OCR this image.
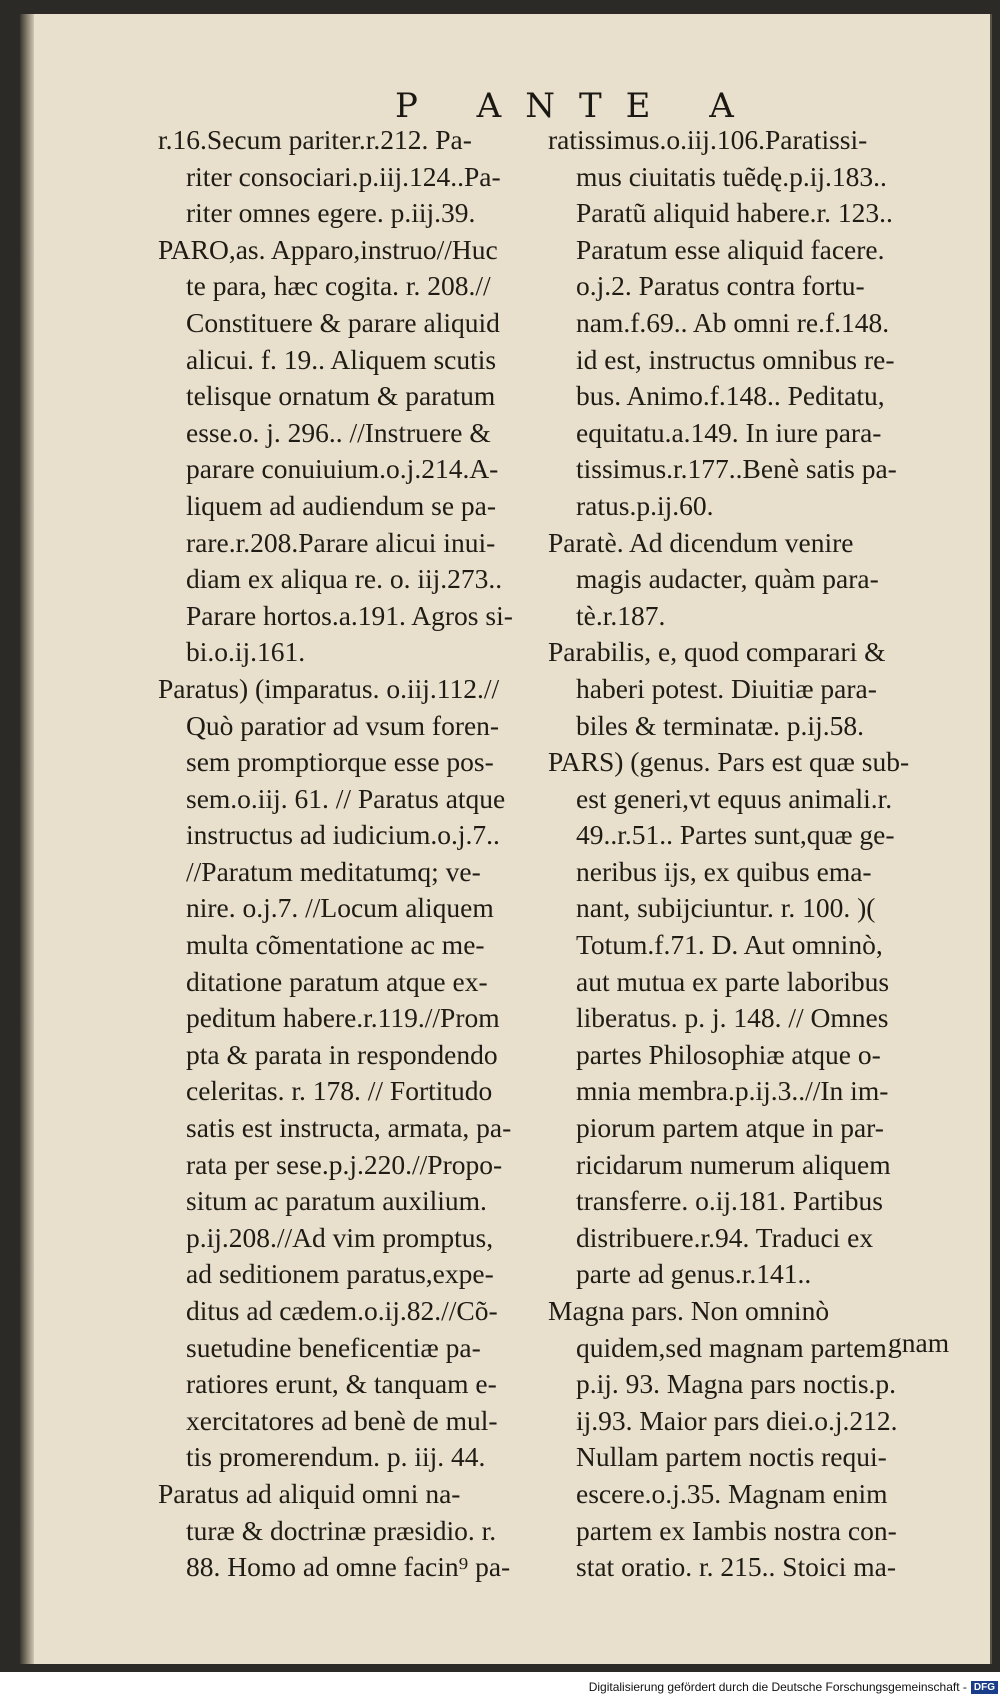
P ANTE A
r.16.Secum pariter.r.212. Pa-
riter consociari.p.iij.124..Pa-
riter omnes egere. p.iij.39.
PARO,as. Apparo,instruo//Huc
te para, hæc cogita. r. 208.//
Constituere & parare aliquid
alicui. f. 19.. Aliquem scutis
telisque ornatum & paratum
esse.o. j. 296.. //Instruere &
parare conuiuium.o.j.214.A-
liquem ad audiendum se pa-
rare.r.208.Parare alicui inui-
diam ex aliqua re. o. iij.273..
Parare hortos.a.191. Agros si-
bi.o.ij.161.
Paratus) (imparatus. o.iij.112.//
Quò paratior ad vsum foren-
sem promptiorque esse pos-
sem.o.iij. 61. // Paratus atque
instructus ad iudicium.o.j.7..
//Paratum meditatumq; ve-
nire. o.j.7. //Locum aliquem
multa cõmentatione ac me-
ditatione paratum atque ex-
peditum habere.r.119.//Prom
pta & parata in respondendo
celeritas. r. 178. // Fortitudo
satis est instructa, armata, pa-
rata per sese.p.j.220.//Propo-
situm ac paratum auxilium.
p.ij.208.//Ad vim promptus,
ad seditionem paratus,expe-
ditus ad cædem.o.ij.82.//Cõ-
suetudine beneficentiæ pa-
ratiores erunt, & tanquam e-
xercitatores ad benè de mul-
tis promerendum. p. iij. 44.
Paratus ad aliquid omni na-
turæ & doctrinæ præsidio. r.
88. Homo ad omne facin⁹ pa-
ratissimus.o.iij.106.Paratissi-
mus ciuitatis tuẽdę.p.ij.183..
Paratũ aliquid habere.r. 123..
Paratum esse aliquid facere.
o.j.2. Paratus contra fortu-
nam.f.69.. Ab omni re.f.148.
id est, instructus omnibus re-
bus. Animo.f.148.. Peditatu,
equitatu.a.149. In iure para-
tissimus.r.177..Benè satis pa-
ratus.p.ij.60.
Paratè. Ad dicendum venire
magis audacter, quàm para-
tè.r.187.
Parabilis, e, quod comparari &
haberi potest. Diuitiæ para-
biles & terminatæ. p.ij.58.
PARS) (genus. Pars est quæ sub-
est generi,vt equus animali.r.
49..r.51.. Partes sunt,quæ ge-
neribus ijs, ex quibus ema-
nant, subijciuntur. r. 100. )(
Totum.f.71. D. Aut omninò,
aut mutua ex parte laboribus
liberatus. p. j. 148. // Omnes
partes Philosophiæ atque o-
mnia membra.p.ij.3..//In im-
piorum partem atque in par-
ricidarum numerum aliquem
transferre. o.ij.181. Partibus
distribuere.r.94. Traduci ex
parte ad genus.r.141..
Magna pars. Non omninò
quidem,sed magnam partem.
p.ij. 93. Magna pars noctis.p.
ij.93. Maior pars diei.o.j.212.
Nullam partem noctis requi-
escere.o.j.35. Magnam enim
partem ex Iambis nostra con-
stat oratio. r. 215.. Stoici ma-
gnam
Digitalisierung gefördert durch die Deutsche Forschungsgemeinschaft - DFG
